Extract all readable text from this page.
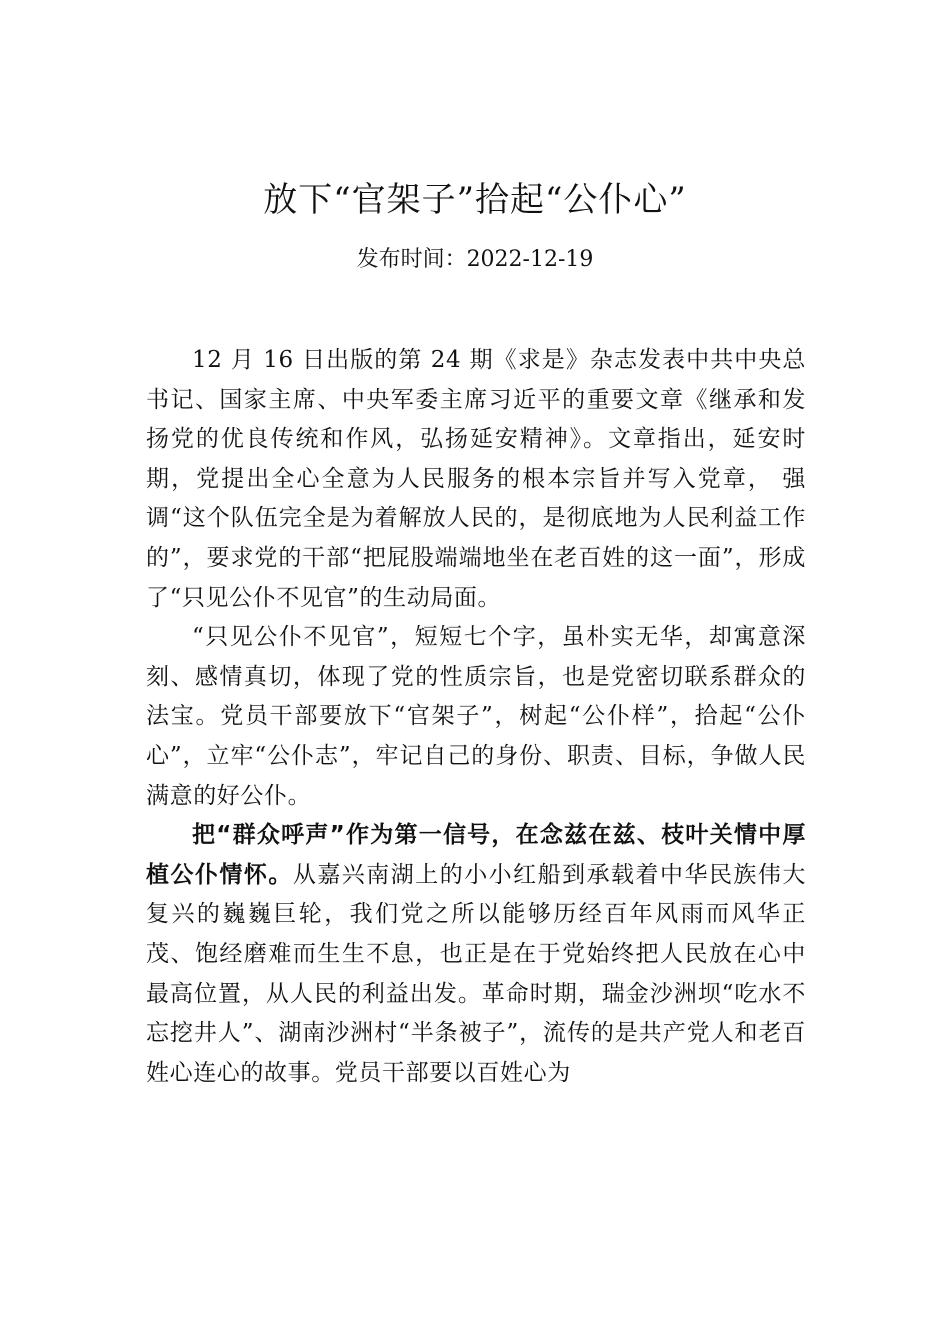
放下“官架子”拾起“公仆心”
发布时间：2022-12-19

12 月 16 日出版的第 24 期《求是》杂志发表中共中央总书记、国家主席、中央军委主席习近平的重要文章《继承和发扬党的优良传统和作风，弘扬延安精神》。文章指出，延安时期，党提出全心全意为人民服务的根本宗旨并写入党章， 强调“这个队伍完全是为着解放人民的，是彻底地为人民利益工作的”，要求党的干部“把屁股端端地坐在老百姓的这一面”，形成了“只见公仆不见官”的生动局面。

“只见公仆不见官”，短短七个字，虽朴实无华，却寓意深刻、感情真切，体现了党的性质宗旨，也是党密切联系群众的法宝。党员干部要放下“官架子”，树起“公仆样”，拾起“公仆心”，立牢“公仆志”，牢记自己的身份、职责、目标，争做人民满意的好公仆。

把“群众呼声”作为第一信号，在念兹在兹、枝叶关情中厚植公仆情怀。从嘉兴南湖上的小小红船到承载着中华民族伟大复兴的巍巍巨轮，我们党之所以能够历经百年风雨而风华正茂、饱经磨难而生生不息，也正是在于党始终把人民放在心中最高位置，从人民的利益出发。革命时期，瑞金沙洲坝“吃水不忘挖井人”、湖南沙洲村“半条被子”，流传的是共产党人和老百姓心连心的故事。党员干部要以百姓心为
